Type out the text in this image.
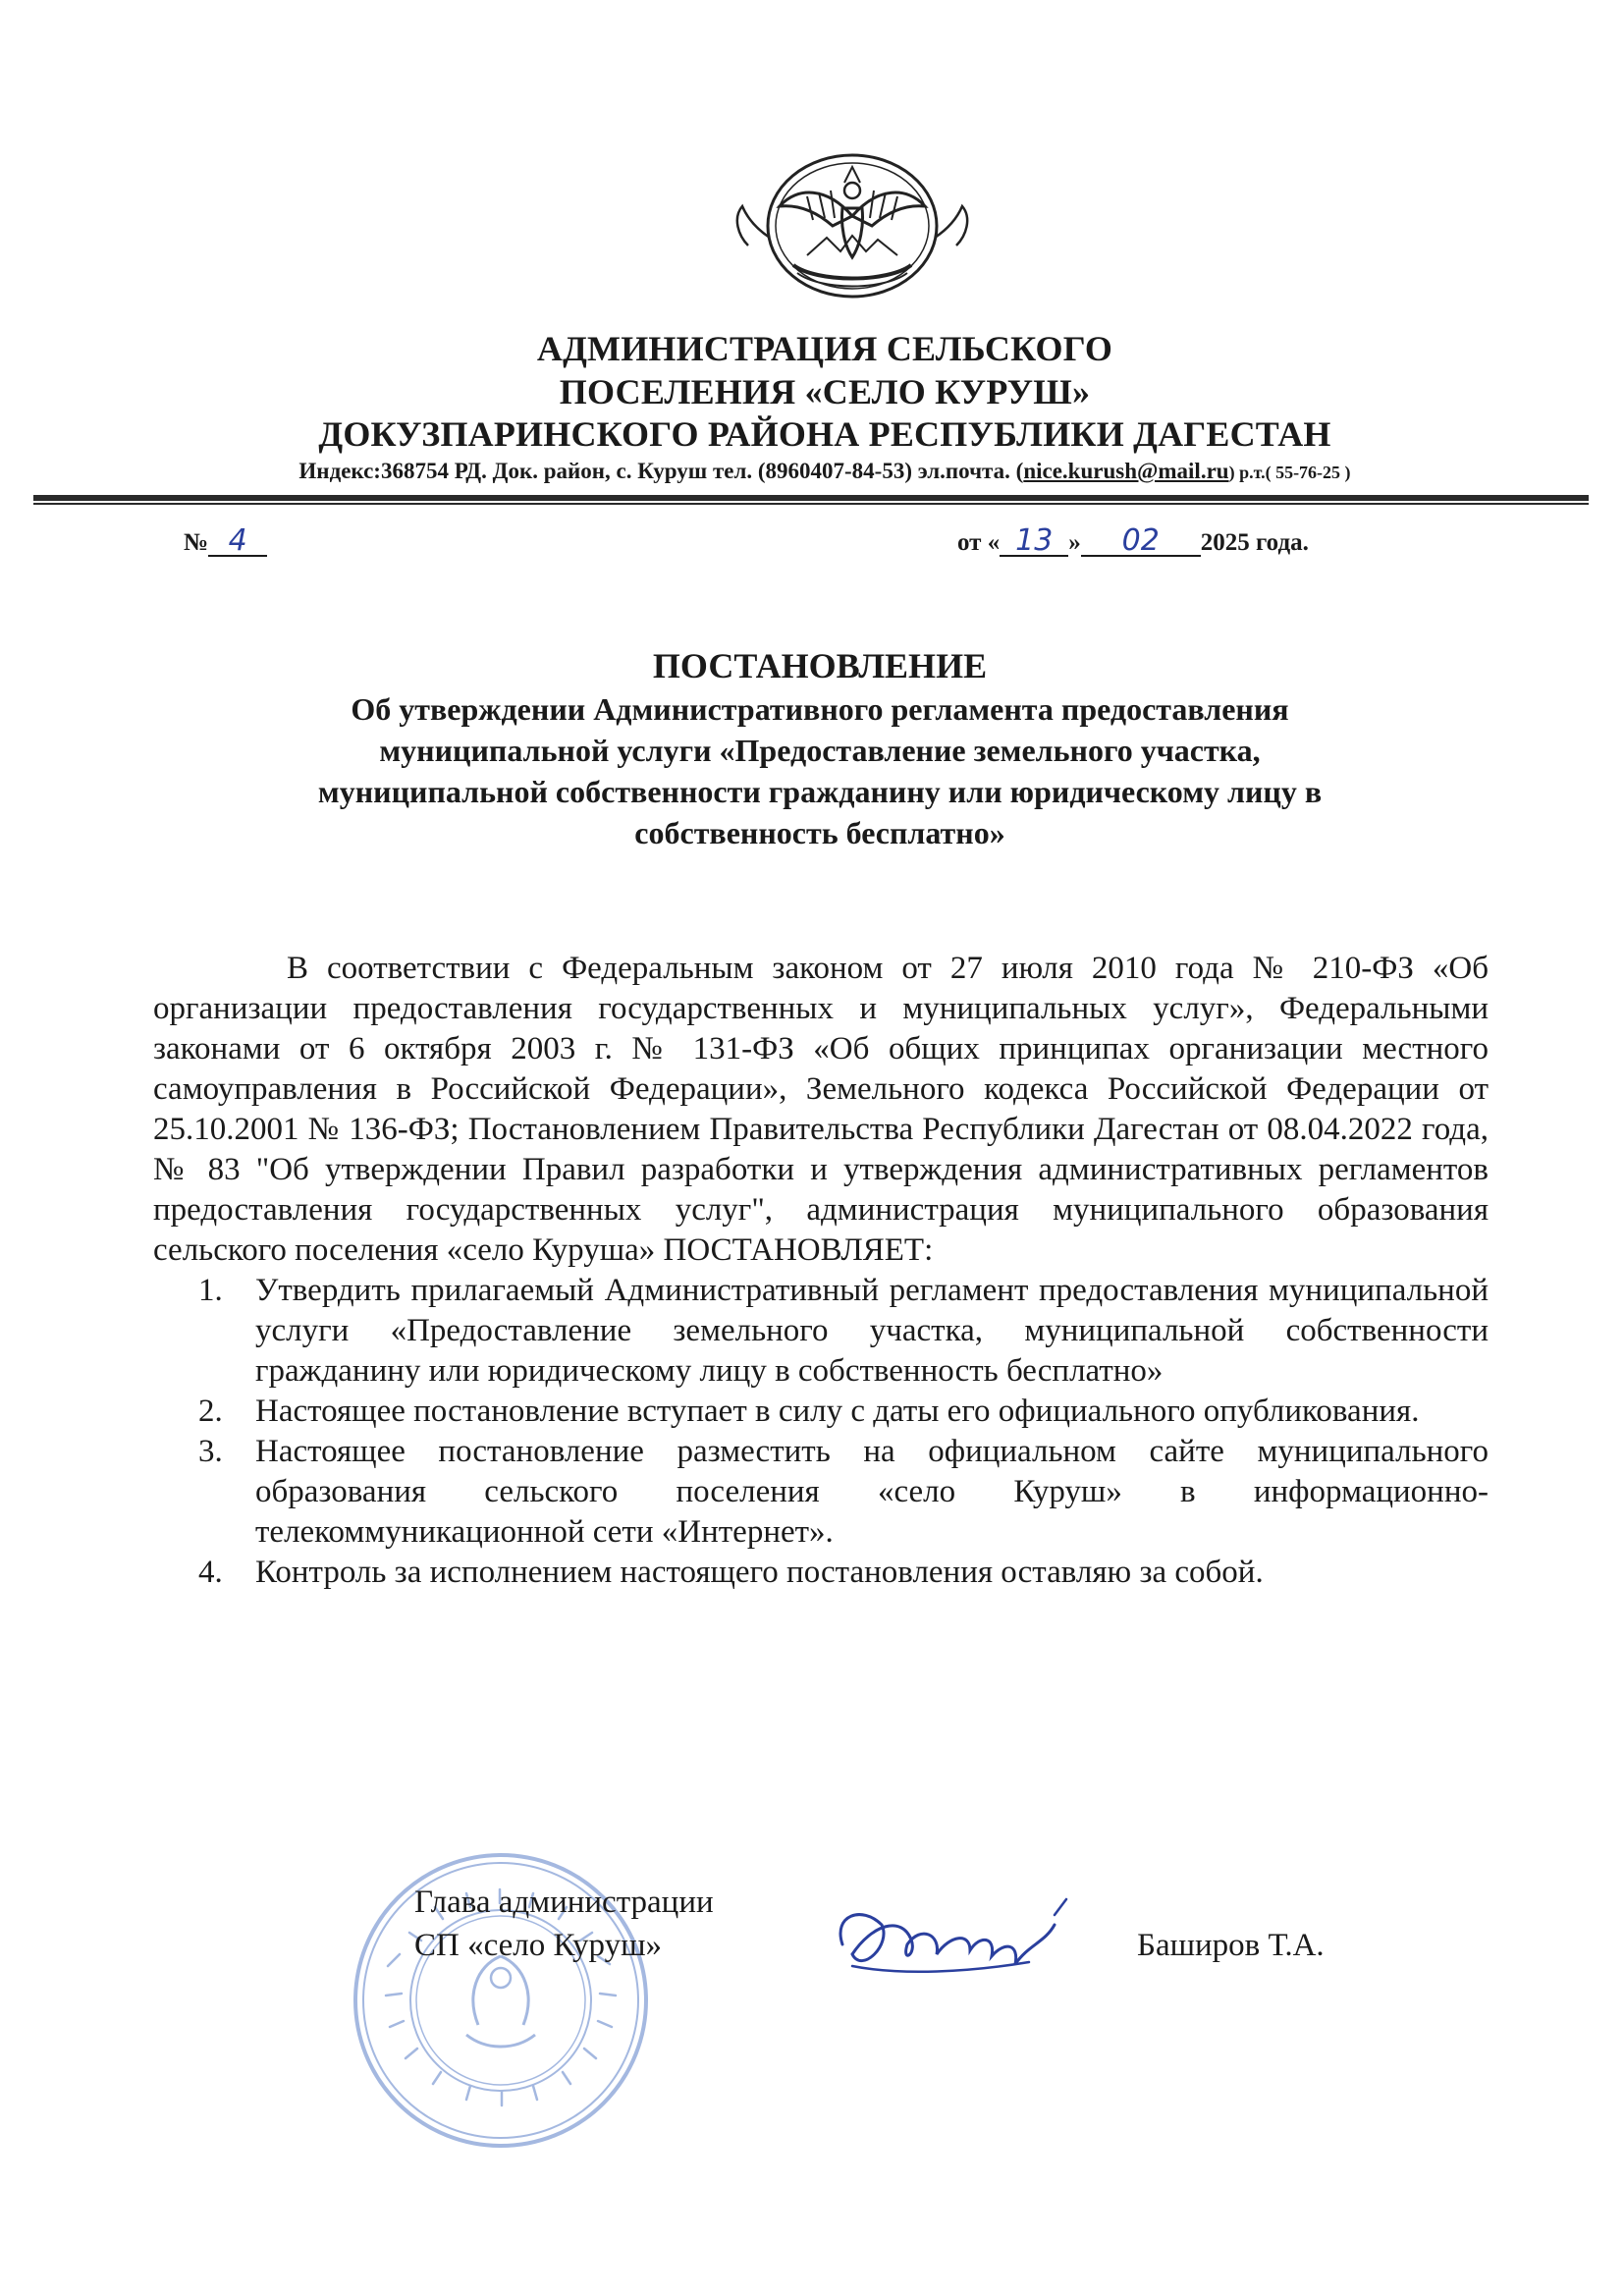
АДМИНИСТРАЦИЯ СЕЛЬСКОГО
ПОСЕЛЕНИЯ «СЕЛО КУРУШ»
ДОКУЗПАРИНСКОГО РАЙОНА РЕСПУБЛИКИ ДАГЕСТАН
Индекс:368754 РД. Док. район, с. Куруш тел. (8960407-84-53) эл.почта. (nice.kurush@mail.ru) р.т.( 55-76-25 )
№ 4	от « 13 » 02 2025 года.
ПОСТАНОВЛЕНИЕ
Об утверждении Административного регламента предоставления
муниципальной услуги «Предоставление земельного участка,
муниципальной собственности гражданину или юридическому лицу в
собственность бесплатно»

В соответствии с Федеральным законом от 27 июля 2010 года № 210-ФЗ «Об организации предоставления государственных и муниципальных услуг», Федеральными законами от 6 октября 2003 г. № 131-ФЗ «Об общих принципах организации местного самоуправления в Российской Федерации», Земельного кодекса Российской Федерации от 25.10.2001 № 136-ФЗ; Постановлением Правительства Республики Дагестан от 08.04.2022 года, № 83 "Об утверждении Правил разработки и утверждения административных регламентов предоставления государственных услуг", администрация муниципального образования сельского поселения «село Куруша» ПОСТАНОВЛЯЕТ:

1. Утвердить прилагаемый Административный регламент предоставления муниципальной услуги «Предоставление земельного участка, муниципальной собственности гражданину или юридическому лицу в собственность бесплатно»
2. Настоящее постановление вступает в силу с даты его официального опубликования.
3. Настоящее постановление разместить на официальном сайте муниципального образования сельского поселения «село Куруш» в информационно-телекоммуникационной сети «Интернет».
4. Контроль за исполнением настоящего постановления оставляю за собой.
Глава администрации
СП «село Куруш»	Баширов Т.А.
